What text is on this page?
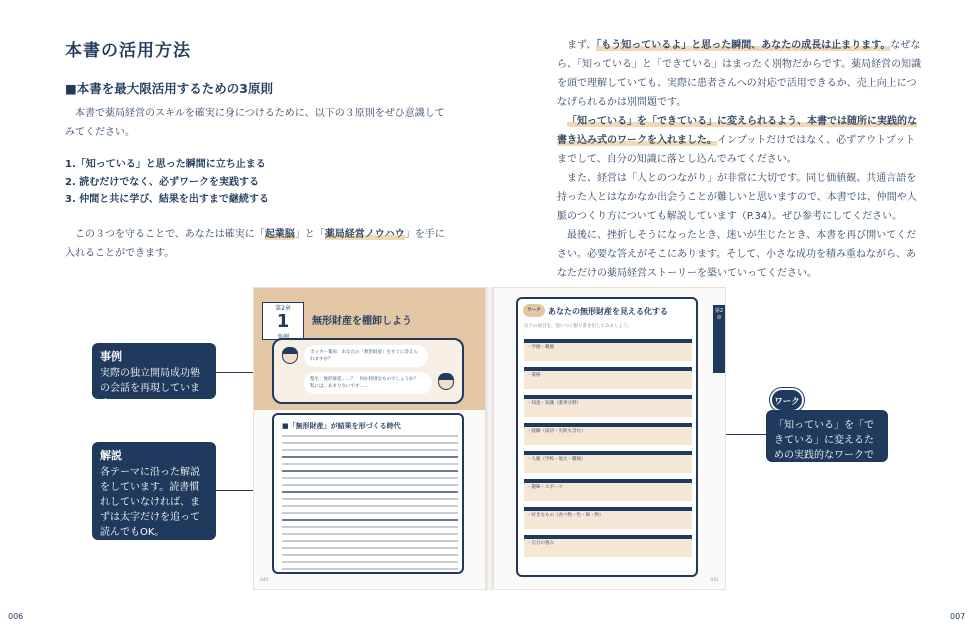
本書の活用方法
■本書を最大限活用するための3原則
　本書で薬局経営のスキルを確実に身につけるために、以下の３原則をぜひ意識してみてください。
1.「知っている」と思った瞬間に立ち止まる
2. 読むだけでなく、必ずワークを実践する
3. 仲間と共に学び、結果を出すまで継続する
　この３つを守ることで、あなたは確実に「起業脳」と「薬局経営ノウハウ」を手に入れることができます。

まず、「もう知っているよ」と思った瞬間、あなたの成長は止まります。なぜなら、「知っている」と「できている」はまったく別物だからです。薬局経営の知識を頭で理解していても、実際に患者さんへの対応で活用できるか、売上向上につなげられるかは別問題です。

「知っている」を「できている」に変えられるよう、本書では随所に実践的な書き込み式のワークを入れました。インプットだけではなく、必ずアウトプットまでして、自分の知識に落とし込んでみてください。

また、経営は「人とのつながり」が非常に大切です。同じ価値観、共通言語を持った人とはなかなか出会うことが難しいと思いますので、本書では、仲間や人脈のつくり方についても解説しています（P.34）。ぜひ参考にしてください。

最後に、挫折しそうになったとき、迷いが生じたとき、本書を再び開いてください。必要な答えがそこにあります。そして、小さな成功を積み重ねながら、あなただけの薬局経営ストーリーを築いていってください。

事例
実際の独立開局成功塾の会話を再現しています。
解説
各テーマに沿った解説をしています。読書慣れしていなければ、まずは太字だけを追って読んでもOK。
ワーク
「知っている」を「できている」に変えるための実践的なワークです。
第2章
1	無形財産を棚卸しよう
ボッター薬局：あなたの「無形財産」をすぐに答えられますか？
塾生：無形財産……？　何か特別なものでしょうか？　私には、あまりないです……
■「無形財産」が結果を形づくる時代
040
ワーク あなたの無形財産を見える化する
以下の項目を、思いつく限り書き出してみましょう。
・学歴・職歴
・資格
・知恵・知識（薬事分野）
・経験（成功・失敗も含む）
・人脈（学校・地元・職場）
・趣味・スポーツ
・好きなもの（食べ物・色・場・物）
・自分の強み
第2章
041
006	007
